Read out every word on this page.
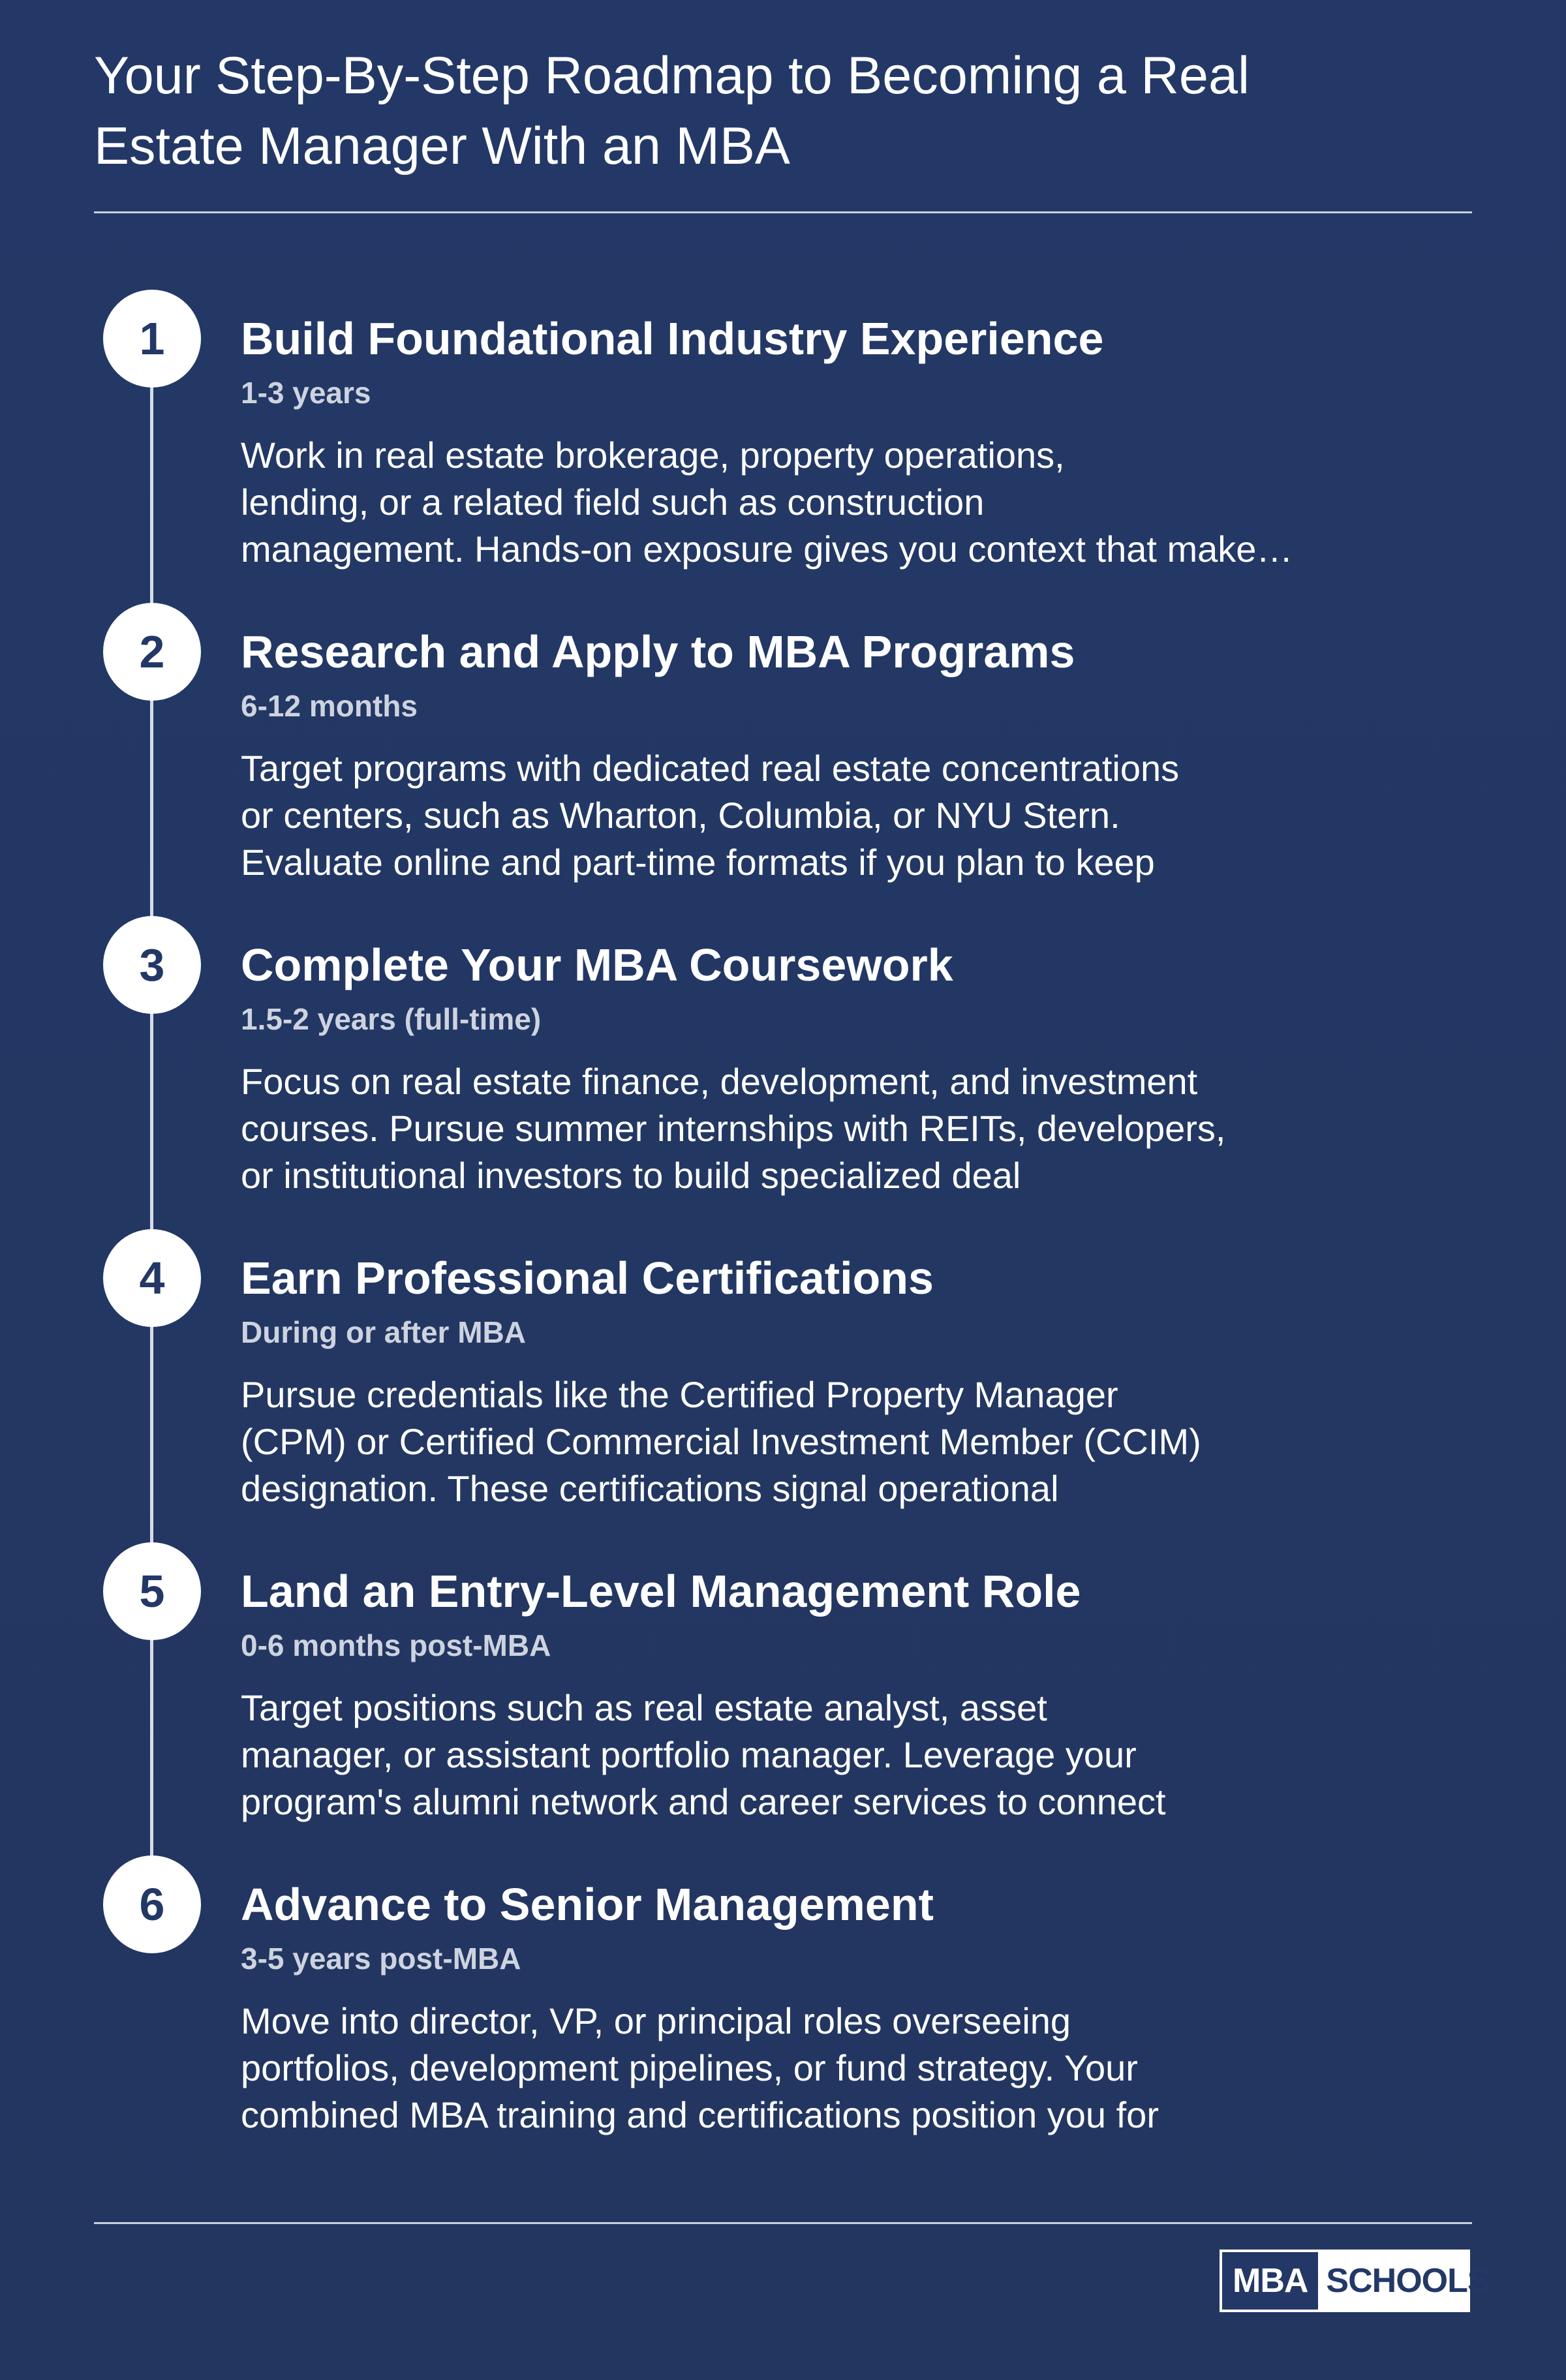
Your Step-By-Step Roadmap to Becoming a Real
Estate Manager With an MBA
1	Build Foundational Industry Experience
1-3 years

Work in real estate brokerage, property operations,
lending, or a related field such as construction
management. Hands-on exposure gives you context that make…

2	Research and Apply to MBA Programs
6-12 months

Target programs with dedicated real estate concentrations
or centers, such as Wharton, Columbia, or NYU Stern.
Evaluate online and part-time formats if you plan to keep

3	Complete Your MBA Coursework
1.5-2 years (full-time)

Focus on real estate finance, development, and investment
courses. Pursue summer internships with REITs, developers,
or institutional investors to build specialized deal

4	Earn Professional Certifications
During or after MBA

Pursue credentials like the Certified Property Manager
(CPM) or Certified Commercial Investment Member (CCIM)
designation. These certifications signal operational

5	Land an Entry-Level Management Role
0-6 months post-MBA

Target positions such as real estate analyst, asset
manager, or assistant portfolio manager. Leverage your
program's alumni network and career services to connect

6	Advance to Senior Management
3-5 years post-MBA

Move into director, VP, or principal roles overseeing
portfolios, development pipelines, or fund strategy. Your
combined MBA training and certifications position you for

MBA SCHOOLS
